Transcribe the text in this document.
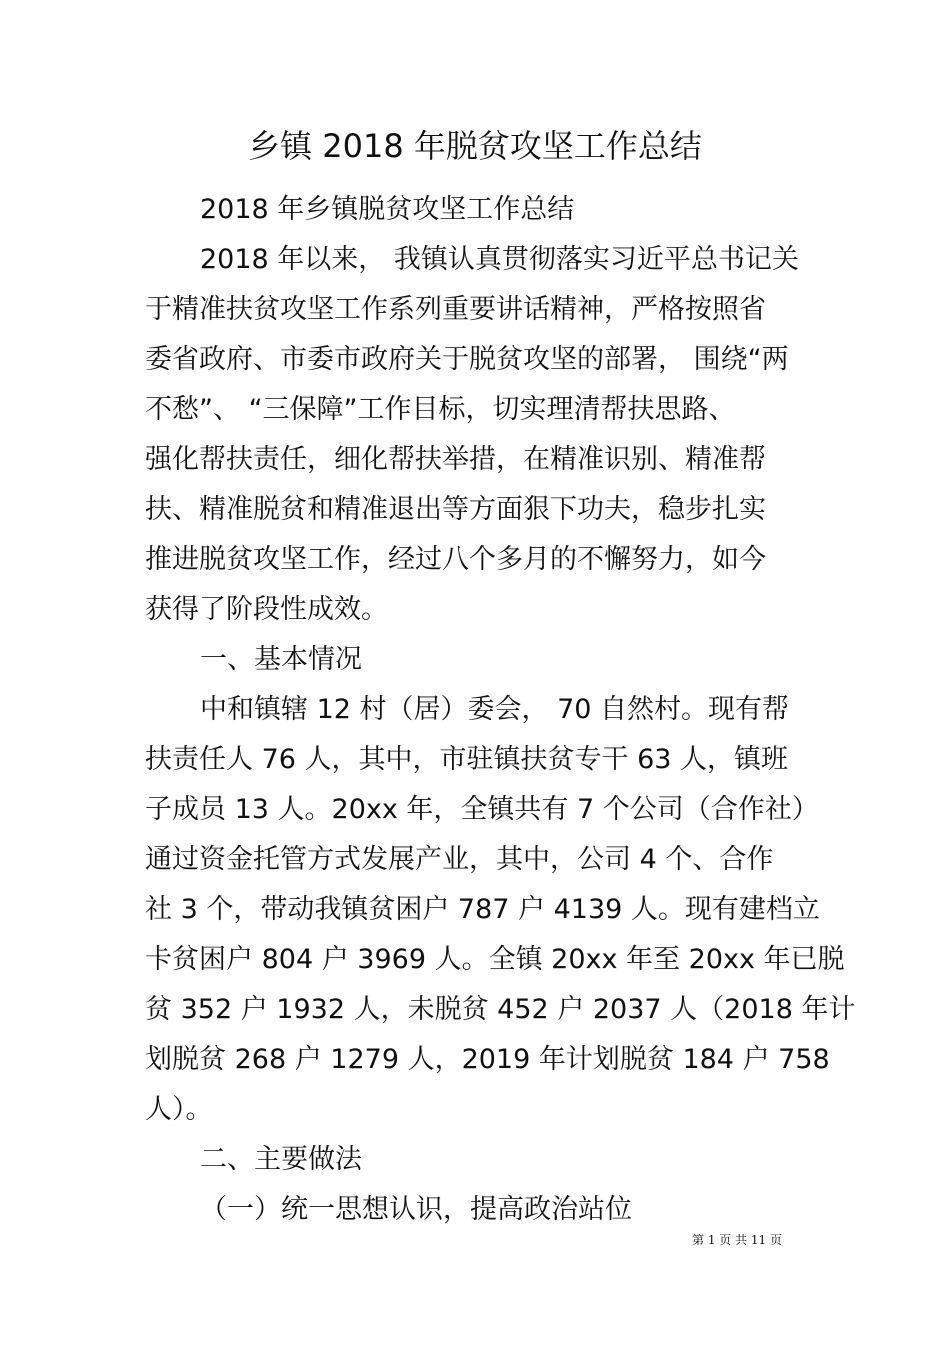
乡镇 2018 年脱贫攻坚工作总结
2018 年乡镇脱贫攻坚工作总结
2018 年以来， 我镇认真贯彻落实习近平总书记关
于精准扶贫攻坚工作系列重要讲话精神，严格按照省
委省政府、市委市政府关于脱贫攻坚的部署， 围绕“两
不愁”、 “三保障”工作目标，切实理清帮扶思路、
强化帮扶责任，细化帮扶举措，在精准识别、精准帮
扶、精准脱贫和精准退出等方面狠下功夫，稳步扎实
推进脱贫攻坚工作，经过八个多月的不懈努力，如今
获得了阶段性成效。
一、基本情况
中和镇辖 12 村（居）委会， 70 自然村。现有帮
扶责任人 76 人，其中，市驻镇扶贫专干 63 人，镇班
子成员 13 人。20xx 年，全镇共有 7 个公司（合作社）
通过资金托管方式发展产业，其中，公司 4 个、合作
社 3 个，带动我镇贫困户 787 户 4139 人。现有建档立
卡贫困户 804 户 3969 人。全镇 20xx 年至 20xx 年已脱
贫 352 户 1932 人，未脱贫 452 户 2037 人（2018 年计
划脱贫 268 户 1279 人，2019 年计划脱贫 184 户 758
人）。
二、主要做法
（一）统一思想认识，提高政治站位
第 1 页 共 11 页
